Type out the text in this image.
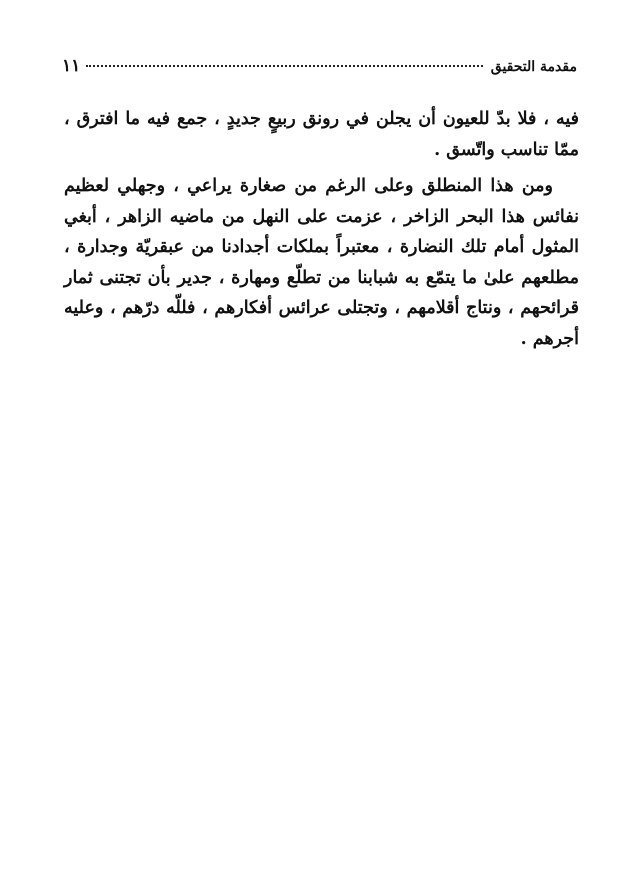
مقدمة التحقيق
١١

فيه ، فلا بدّ للعيون أن يجلن في رونق ربيعٍ جديدٍ ، جمع فيه ما افترق ، ممّا تناسب واتّسق .

ومن هذا المنطلق وعلى الرغم من صغارة يراعي ، وجهلي لعظيم نفائس هذا البحر الزاخر ، عزمت على النهل من ماضيه الزاهر ، أبغي المثول أمام تلك النضارة ، معتبراً بملكات أجدادنا من عبقريّة وجدارة ، مطلعهم علىٰ ما يتمّع به شبابنا من تطلّع ومهارة ، جدير بأن تجتنى ثمار قرائحهم ، ونتاج أقلامهم ، وتجتلى عرائس أفكارهم ، فللّه درّهم ، وعليه أجرهم .
